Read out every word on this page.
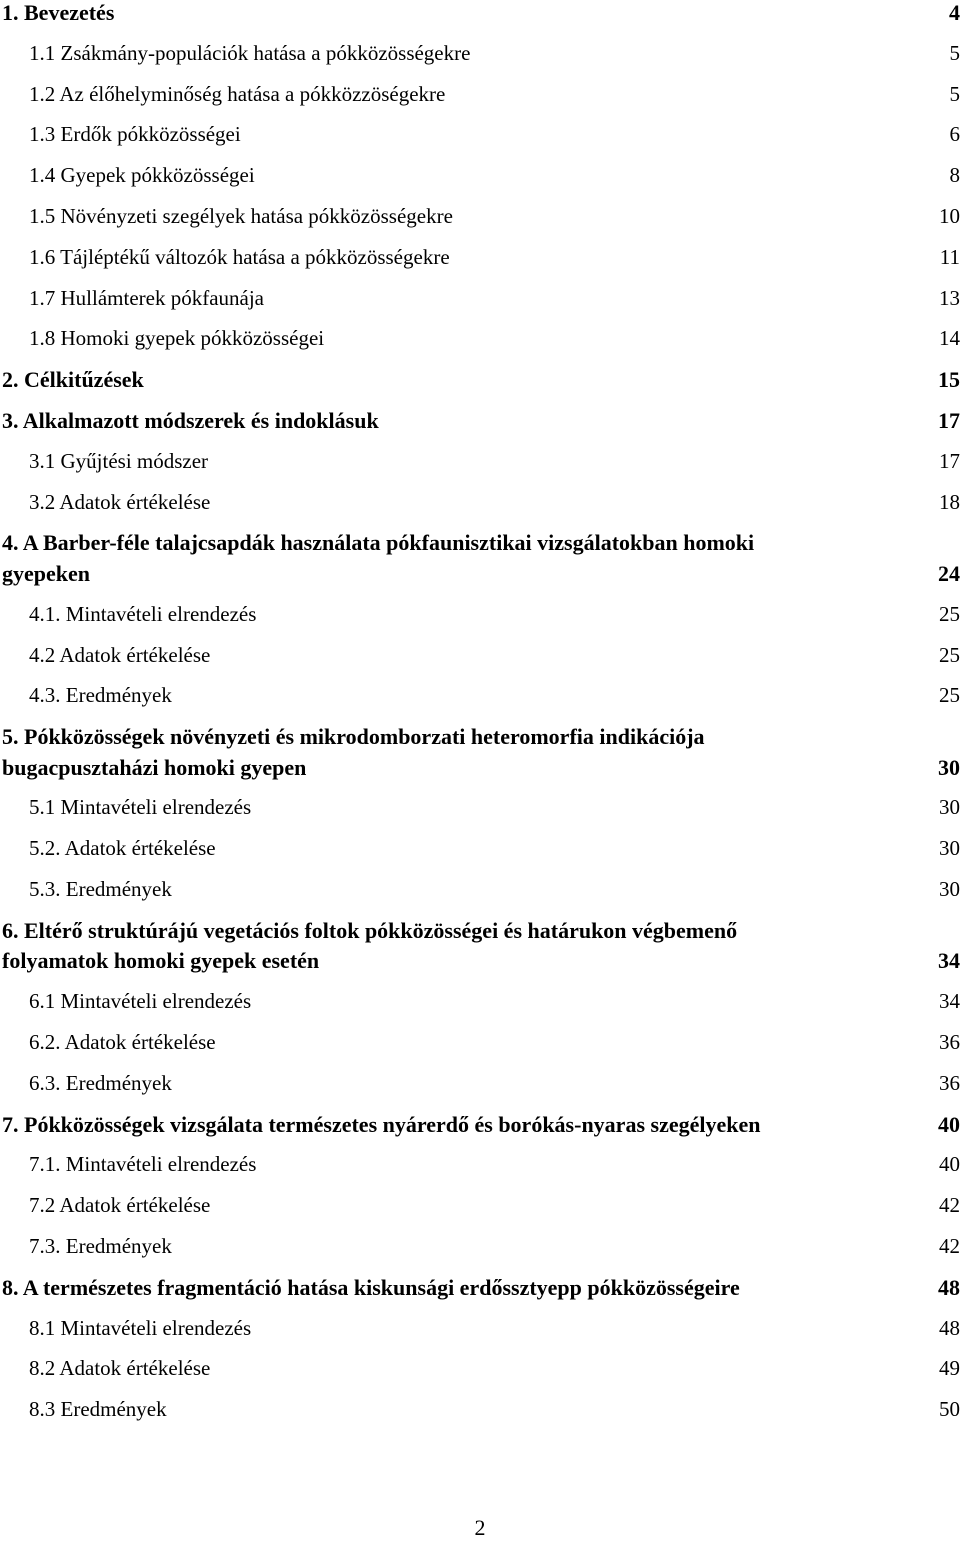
1. Bevezetés	4
1.1 Zsákmány-populációk hatása a pókközösségekre	5
1.2 Az élőhelyminőség hatása a pókközzöségekre	5
1.3 Erdők pókközösségei	6
1.4 Gyepek pókközösségei	8
1.5 Növényzeti szegélyek hatása pókközösségekre	10
1.6 Tájléptékű változók hatása a pókközösségekre	11
1.7 Hullámterek pókfaunája	13
1.8 Homoki gyepek pókközösségei	14
2. Célkitűzések	15
3. Alkalmazott módszerek és indoklásuk	17
3.1 Gyűjtési módszer	17
3.2 Adatok értékelése	18
4. A Barber-féle talajcsapdák használata pókfaunisztikai vizsgálatokban homoki
gyepeken	24
4.1. Mintavételi elrendezés	25
4.2 Adatok értékelése	25
4.3. Eredmények	25
5. Pókközösségek növényzeti és mikrodomborzati heteromorfia indikációja
bugacpusztaházi homoki gyepen	30
5.1 Mintavételi elrendezés	30
5.2. Adatok értékelése	30
5.3. Eredmények	30
6. Eltérő struktúrájú vegetációs foltok pókközösségei és határukon végbemenő
folyamatok homoki gyepek esetén	34
6.1 Mintavételi elrendezés	34
6.2. Adatok értékelése	36
6.3. Eredmények	36
7. Pókközösségek vizsgálata természetes nyárerdő és borókás-nyaras szegélyeken	40
7.1. Mintavételi elrendezés	40
7.2 Adatok értékelése	42
7.3. Eredmények	42
8. A természetes fragmentáció hatása kiskunsági erdőssztyepp pókközösségeire	48
8.1 Mintavételi elrendezés	48
8.2 Adatok értékelése	49
8.3 Eredmények	50
2
